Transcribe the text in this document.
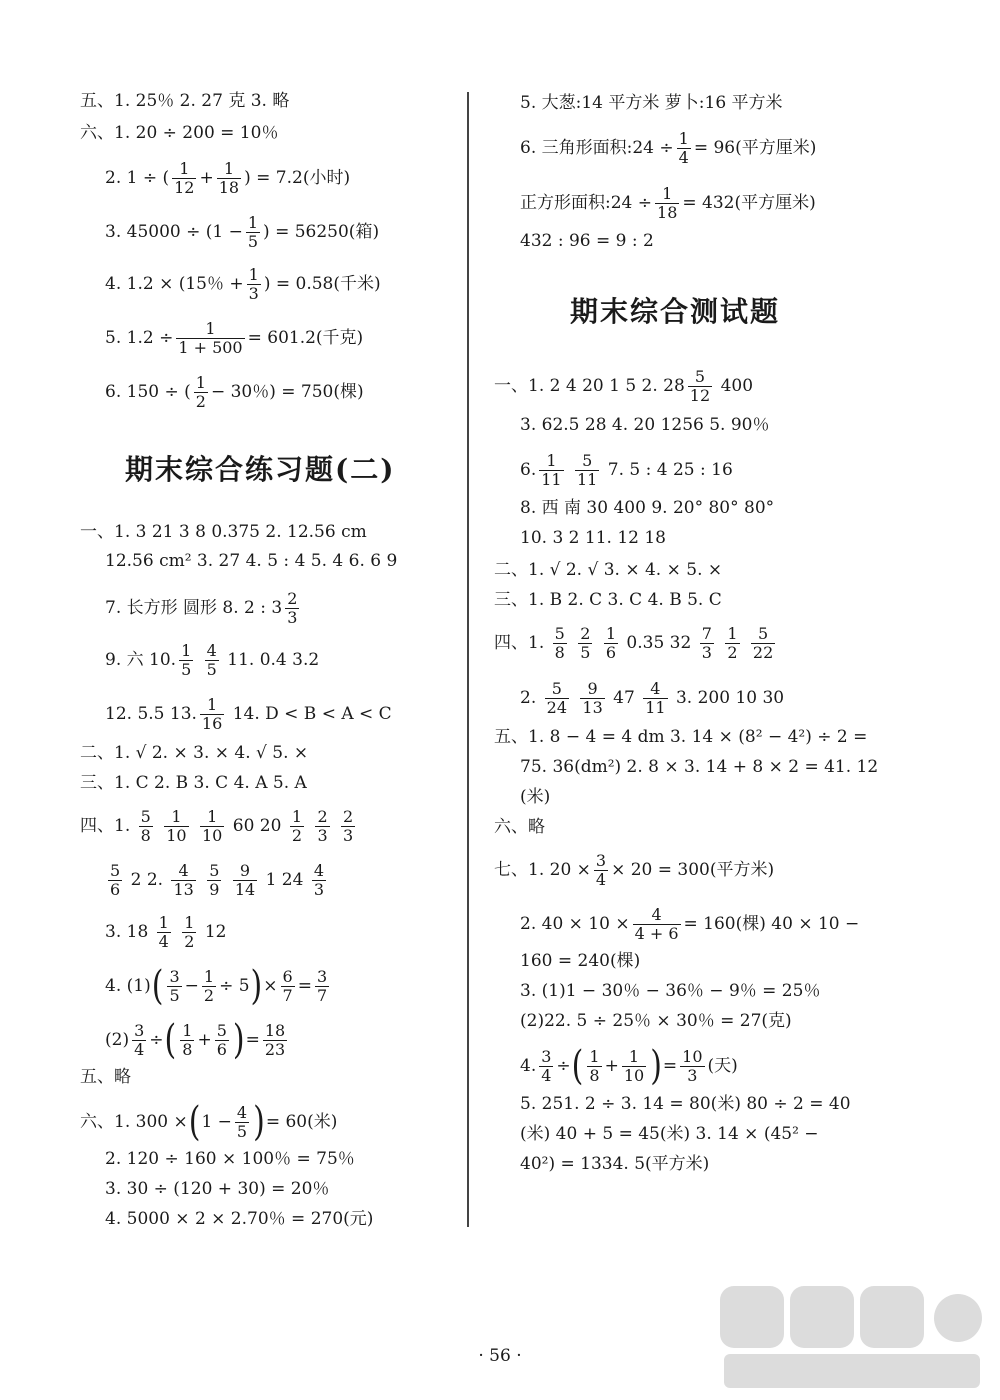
五、1. 25％ 2. 27 克 3. 略
六、1. 20 ÷ 200 = 10％
2. 1 ÷ ( $\frac{1}{12} + \frac{1}{18}$ ) = 7.2(小时)
3. $45000 \div (1 - \frac{1}{5}$ ) = 56250(箱)
4. 1.2 × (15％ + $\frac{1}{3}$ ) = 0.58(千米)
5. $1.2 \div \frac{1}{1 + 500} = 601.2$(千克)
6. 150 ÷ ( $\frac{1}{2} - 30$％) = 750(棵)
期末综合练习题(二)
一、1. 3 21 3 8 0.375 2. 12.56 cm
12.56 cm² 3. 27 4. 5 : 4 5. 4 6. 6 9
7. 长方形 圆形 8. 2 : $3 \frac{2}{3}$
9. 六 10. $\frac{1}{5}$
$\frac{4}{5} 11$. 0.4 3.2
12. 5.5 13. $\frac{1}{16} 14$. D < B < A < C
二、1. √ 2. × 3. × 4. √ 5. ×
三、1. C 2. B 3. C 4. A 5. A
四、1. $\frac{5}{8}$
$\frac{1}{10}$
$\frac{1}{10} 60$ $20 \frac{1}{2}$
$\frac{2}{3}$
$\frac{2}{3}$
$\frac{5}{6} 2$ 2. $\frac{4}{13}$
$\frac{5}{9}$
$\frac{9}{14} 1$ $24 \frac{4}{3}$
3. $18 \frac{1}{4}$
$\frac{1}{2} 12$
4. $(1)( \frac{3}{5} - \frac{1}{2} \div 5)\times \frac{6}{7} = \frac{3}{7}$
$(2) \frac{3}{4}$ ÷( $\frac{1}{8} + \frac{5}{6}$ )= $\frac{18}{23}$
五、略
六、1. $300 \times(1 - \frac{4}{5}$ )= 60(米)
2. 120 ÷ 160 × 100％ = 75％
3. 30 ÷ (120 + 30) = 20％
4. 5000 × 2 × 2.70％ = 270(元)
5. 大葱:14 平方米 萝卜:16 平方米
6. 三角形面积:24 ÷ $\frac{1}{4} = 96$(平方厘米)
正方形面积:24 ÷ $\frac{1}{18} = 432$(平方厘米)
432 : 96 = 9 : 2
期末综合测试题
一、1. 2 4 20 1 5 2. $28 \frac{5}{12} 400$
3. 62.5 28 4. 20 1256 5. 90％
6. $\frac{1}{11}$
$\frac{5}{11} 7$. 5 : 4 25 : 16
8. 西 南 30 400 9. 20° 80° 80°
10. 3 2 11. 12 18
二、1. √ 2. √ 3. × 4. × 5. ×
三、1. B 2. C 3. C 4. B 5. C
四、1. $\frac{5}{8}$
$\frac{2}{5}$
$\frac{1}{6} 0.35$ $32 \frac{7}{3}$
$\frac{1}{2}$
$\frac{5}{22}$
2. $\frac{5}{24}$
$\frac{9}{13} 47 \frac{4}{11} 3$. 200 10 30
五、1. 8 − 4 = 4 dm 3. 14 × (8² − 4²) ÷ 2 =
75. 36(dm²) 2. 8 × 3. 14 + 8 × 2 = 41. 12
(米)
六、略
七、1. $20 \times \frac{3}{4} \times 20 = 300$(平方米)
2. $40 \times 10 \times \frac{4}{4 + 6} = 160$(棵) 40 × 10 −
160 = 240(棵)
3. (1)1 − 30％ − 36％ − 9％ = 25％
(2)22. 5 ÷ 25％ × 30％ = 27(克)
4. $\frac{3}{4}$ ÷( $\frac{1}{8} + \frac{1}{10}$ )= $\frac{10}{3}$ (天)
5. 251. 2 ÷ 3. 14 = 80(米) 80 ÷ 2 = 40
(米) 40 + 5 = 45(米) 3. 14 × (45² −
40²) = 1334. 5(平方米)
· 56 ·
